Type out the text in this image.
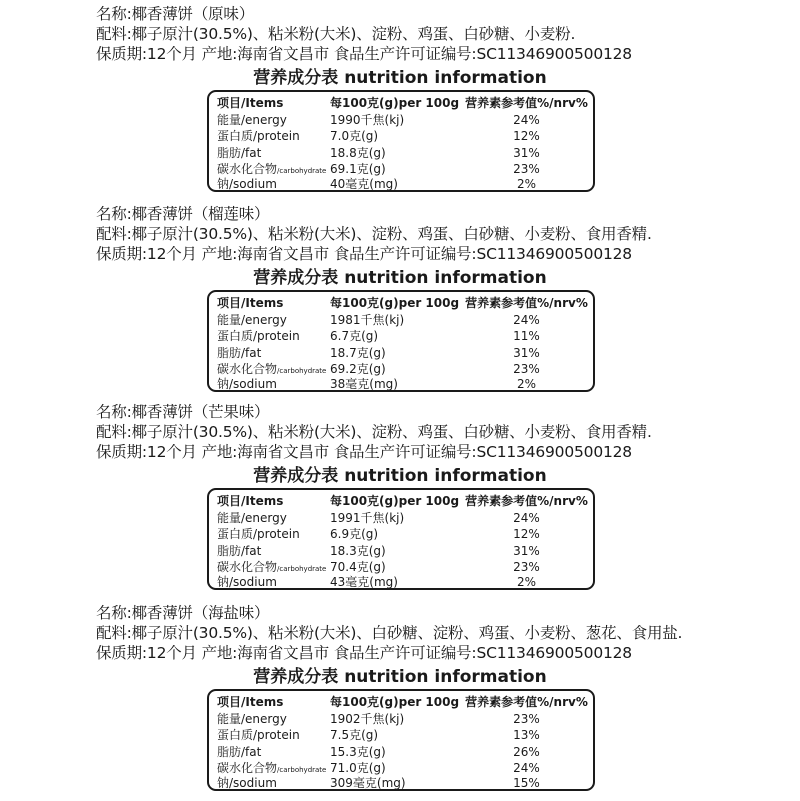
名称:椰香薄饼（原味）
配料:椰子原汁(30.5%)、粘米粉(大米)、淀粉、鸡蛋、白砂糖、小麦粉.
保质期:12个月 产地:海南省文昌市 食品生产许可证编号:SC11346900500128
营养成分表 nutrition information
项目/Items	每100克(g)per 100g 营养素参考值%/nrv%
能量/energy	1990千焦(kj)	24%
蛋白质/protein	7.0克(g)	12%
脂肪/fat	18.8克(g)	31%
碳水化合物/carbohydrate 69.1克(g)	23%
钠/sodium	40毫克(mg)	2%
名称:椰香薄饼（榴莲味）
配料:椰子原汁(30.5%)、粘米粉(大米)、淀粉、鸡蛋、白砂糖、小麦粉、食用香精.
保质期:12个月 产地:海南省文昌市 食品生产许可证编号:SC11346900500128
营养成分表 nutrition information
项目/Items	每100克(g)per 100g 营养素参考值%/nrv%
能量/energy	1981千焦(kj)	24%
蛋白质/protein	6.7克(g)	11%
脂肪/fat	18.7克(g)	31%
碳水化合物/carbohydrate 69.2克(g)	23%
钠/sodium	38毫克(mg)	2%
名称:椰香薄饼（芒果味）
配料:椰子原汁(30.5%)、粘米粉(大米)、淀粉、鸡蛋、白砂糖、小麦粉、食用香精.
保质期:12个月 产地:海南省文昌市 食品生产许可证编号:SC11346900500128
营养成分表 nutrition information
项目/Items	每100克(g)per 100g 营养素参考值%/nrv%
能量/energy	1991千焦(kj)	24%
蛋白质/protein	6.9克(g)	12%
脂肪/fat	18.3克(g)	31%
碳水化合物/carbohydrate 70.4克(g)	23%
钠/sodium	43毫克(mg)	2%
名称:椰香薄饼（海盐味）
配料:椰子原汁(30.5%)、粘米粉(大米)、白砂糖、淀粉、鸡蛋、小麦粉、葱花、食用盐.
保质期:12个月 产地:海南省文昌市 食品生产许可证编号:SC11346900500128
营养成分表 nutrition information
项目/Items	每100克(g)per 100g 营养素参考值%/nrv%
能量/energy	1902千焦(kj)	23%
蛋白质/protein	7.5克(g)	13%
脂肪/fat	15.3克(g)	26%
碳水化合物/carbohydrate 71.0克(g)	24%
钠/sodium	309毫克(mg)	15%
